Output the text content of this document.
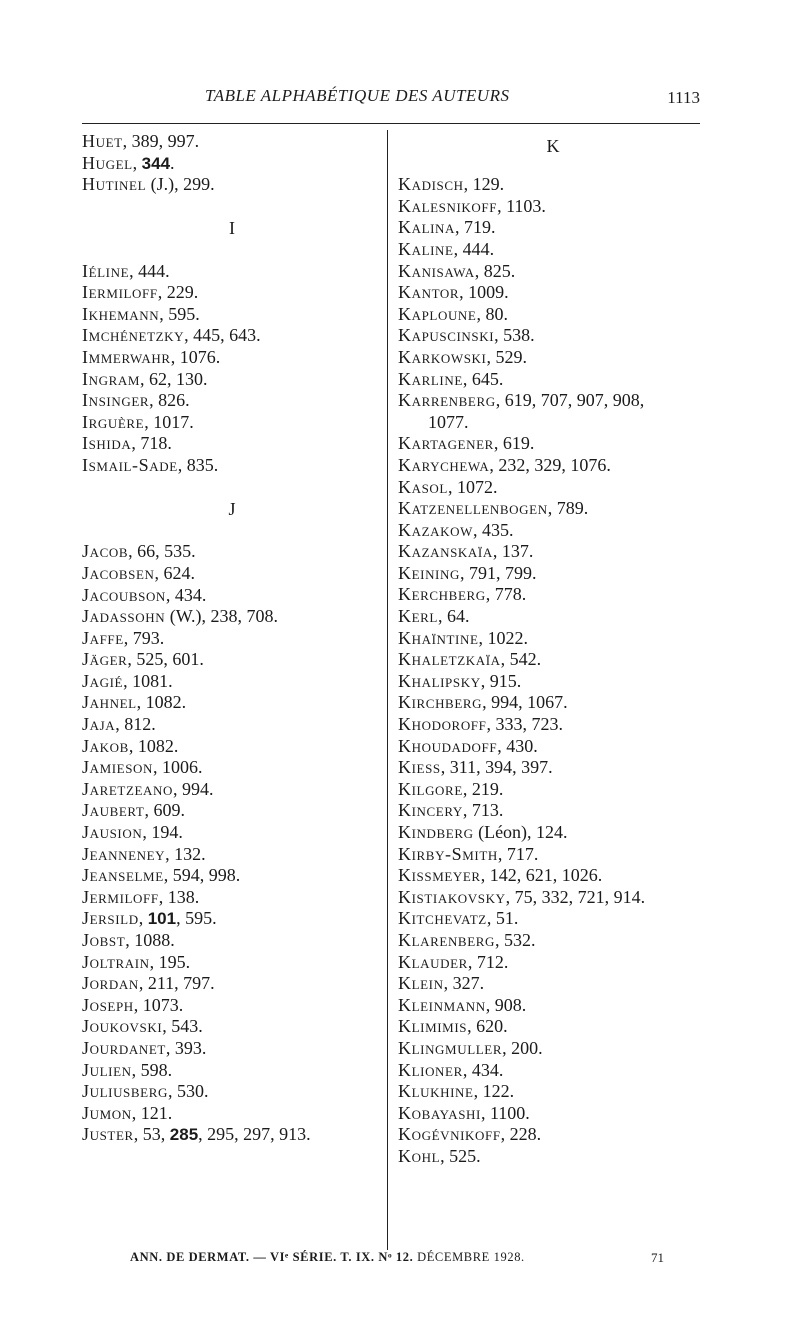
TABLE ALPHABÉTIQUE DES AUTEURS	1113
Huet, 389, 997.
Hugel, 344.
Hutinel (J.), 299.
I
Iéline, 444.
Iermiloff, 229.
Ikhemann, 595.
Imchénetzky, 445, 643.
Immerwahr, 1076.
Ingram, 62, 130.
Insinger, 826.
Irguère, 1017.
Ishida, 718.
Ismail-Sade, 835.
J
Jacob, 66, 535.
Jacobsen, 624.
Jacoubson, 434.
Jadassohn (W.), 238, 708.
Jaffe, 793.
Jäger, 525, 601.
Jagié, 1081.
Jahnel, 1082.
Jaja, 812.
Jakob, 1082.
Jamieson, 1006.
Jaretzeano, 994.
Jaubert, 609.
Jausion, 194.
Jeanneney, 132.
Jeanselme, 594, 998.
Jermiloff, 138.
Jersild, 101, 595.
Jobst, 1088.
Joltrain, 195.
Jordan, 211, 797.
Joseph, 1073.
Joukovski, 543.
Jourdanet, 393.
Julien, 598.
Juliusberg, 530.
Jumon, 121.
Juster, 53, 285, 295, 297, 913.
K
Kadisch, 129.
Kalesnikoff, 1103.
Kalina, 719.
Kaline, 444.
Kanisawa, 825.
Kantor, 1009.
Kaploune, 80.
Kapuscinski, 538.
Karkowski, 529.
Karline, 645.
Karrenberg, 619, 707, 907, 908,
1077.
Kartagener, 619.
Karychewa, 232, 329, 1076.
Kasol, 1072.
Katzenellenbogen, 789.
Kazakow, 435.
Kazanskaïa, 137.
Keining, 791, 799.
Kerchberg, 778.
Kerl, 64.
Khaïntine, 1022.
Khaletzkaïa, 542.
Khalipsky, 915.
Kirchberg, 994, 1067.
Khodoroff, 333, 723.
Khoudadoff, 430.
Kiess, 311, 394, 397.
Kilgore, 219.
Kincery, 713.
Kindberg (Léon), 124.
Kirby-Smith, 717.
Kissmeyer, 142, 621, 1026.
Kistiakovsky, 75, 332, 721, 914.
Kitchevatz, 51.
Klarenberg, 532.
Klauder, 712.
Klein, 327.
Kleinmann, 908.
Klimimis, 620.
Klingmuller, 200.
Klioner, 434.
Klukhine, 122.
Kobayashi, 1100.
Kogévnikoff, 228.
Kohl, 525.
ANN. DE DERMAT. — VIᵉ SÉRIE. T. IX. Nᵒ 12. DÉCEMBRE 1928.	71
